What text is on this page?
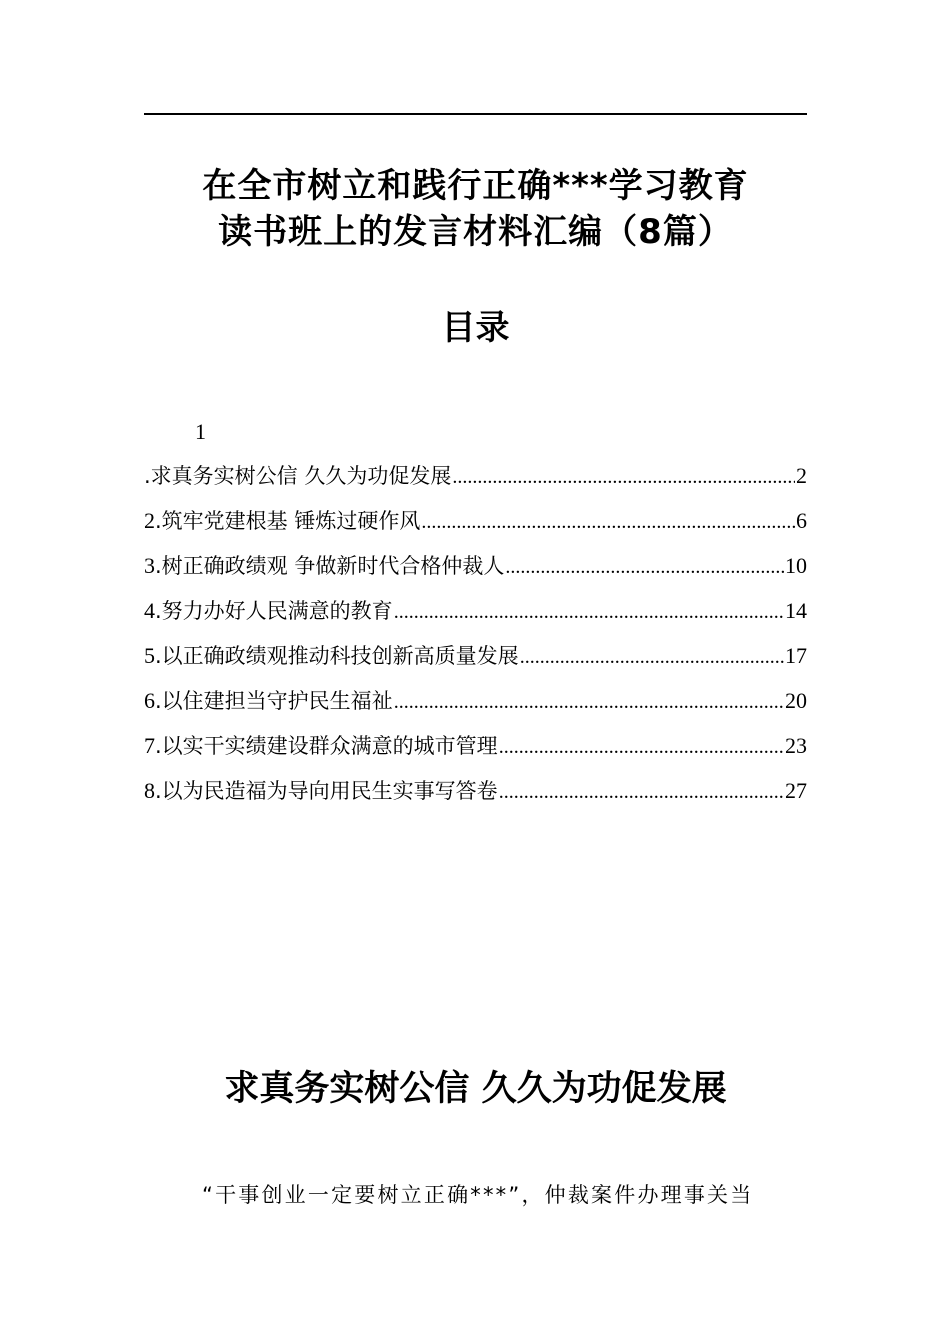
在全市树立和践行正确***学习教育
读书班上的发言材料汇编（8篇）
目录
1
.求真务实树公信 久久为功促发展 .....	2
2 .筑牢党建根基 锤炼过硬作风 .....	6
3 .树正确政绩观 争做新时代合格仲裁人 .....	10
4 .努力办好人民满意的教育 .....	14
5 .以正确政绩观推动科技创新高质量发展 .....	17
6 .以住建担当守护民生福祉 .....	20
7 .以实干实绩建设群众满意的城市管理 .....	23
8 .以为民造福为导向用民生实事写答卷 .....	27
求真务实树公信 久久为功促发展
“干事创业一定要树立正确***”，仲裁案件办理事关当
